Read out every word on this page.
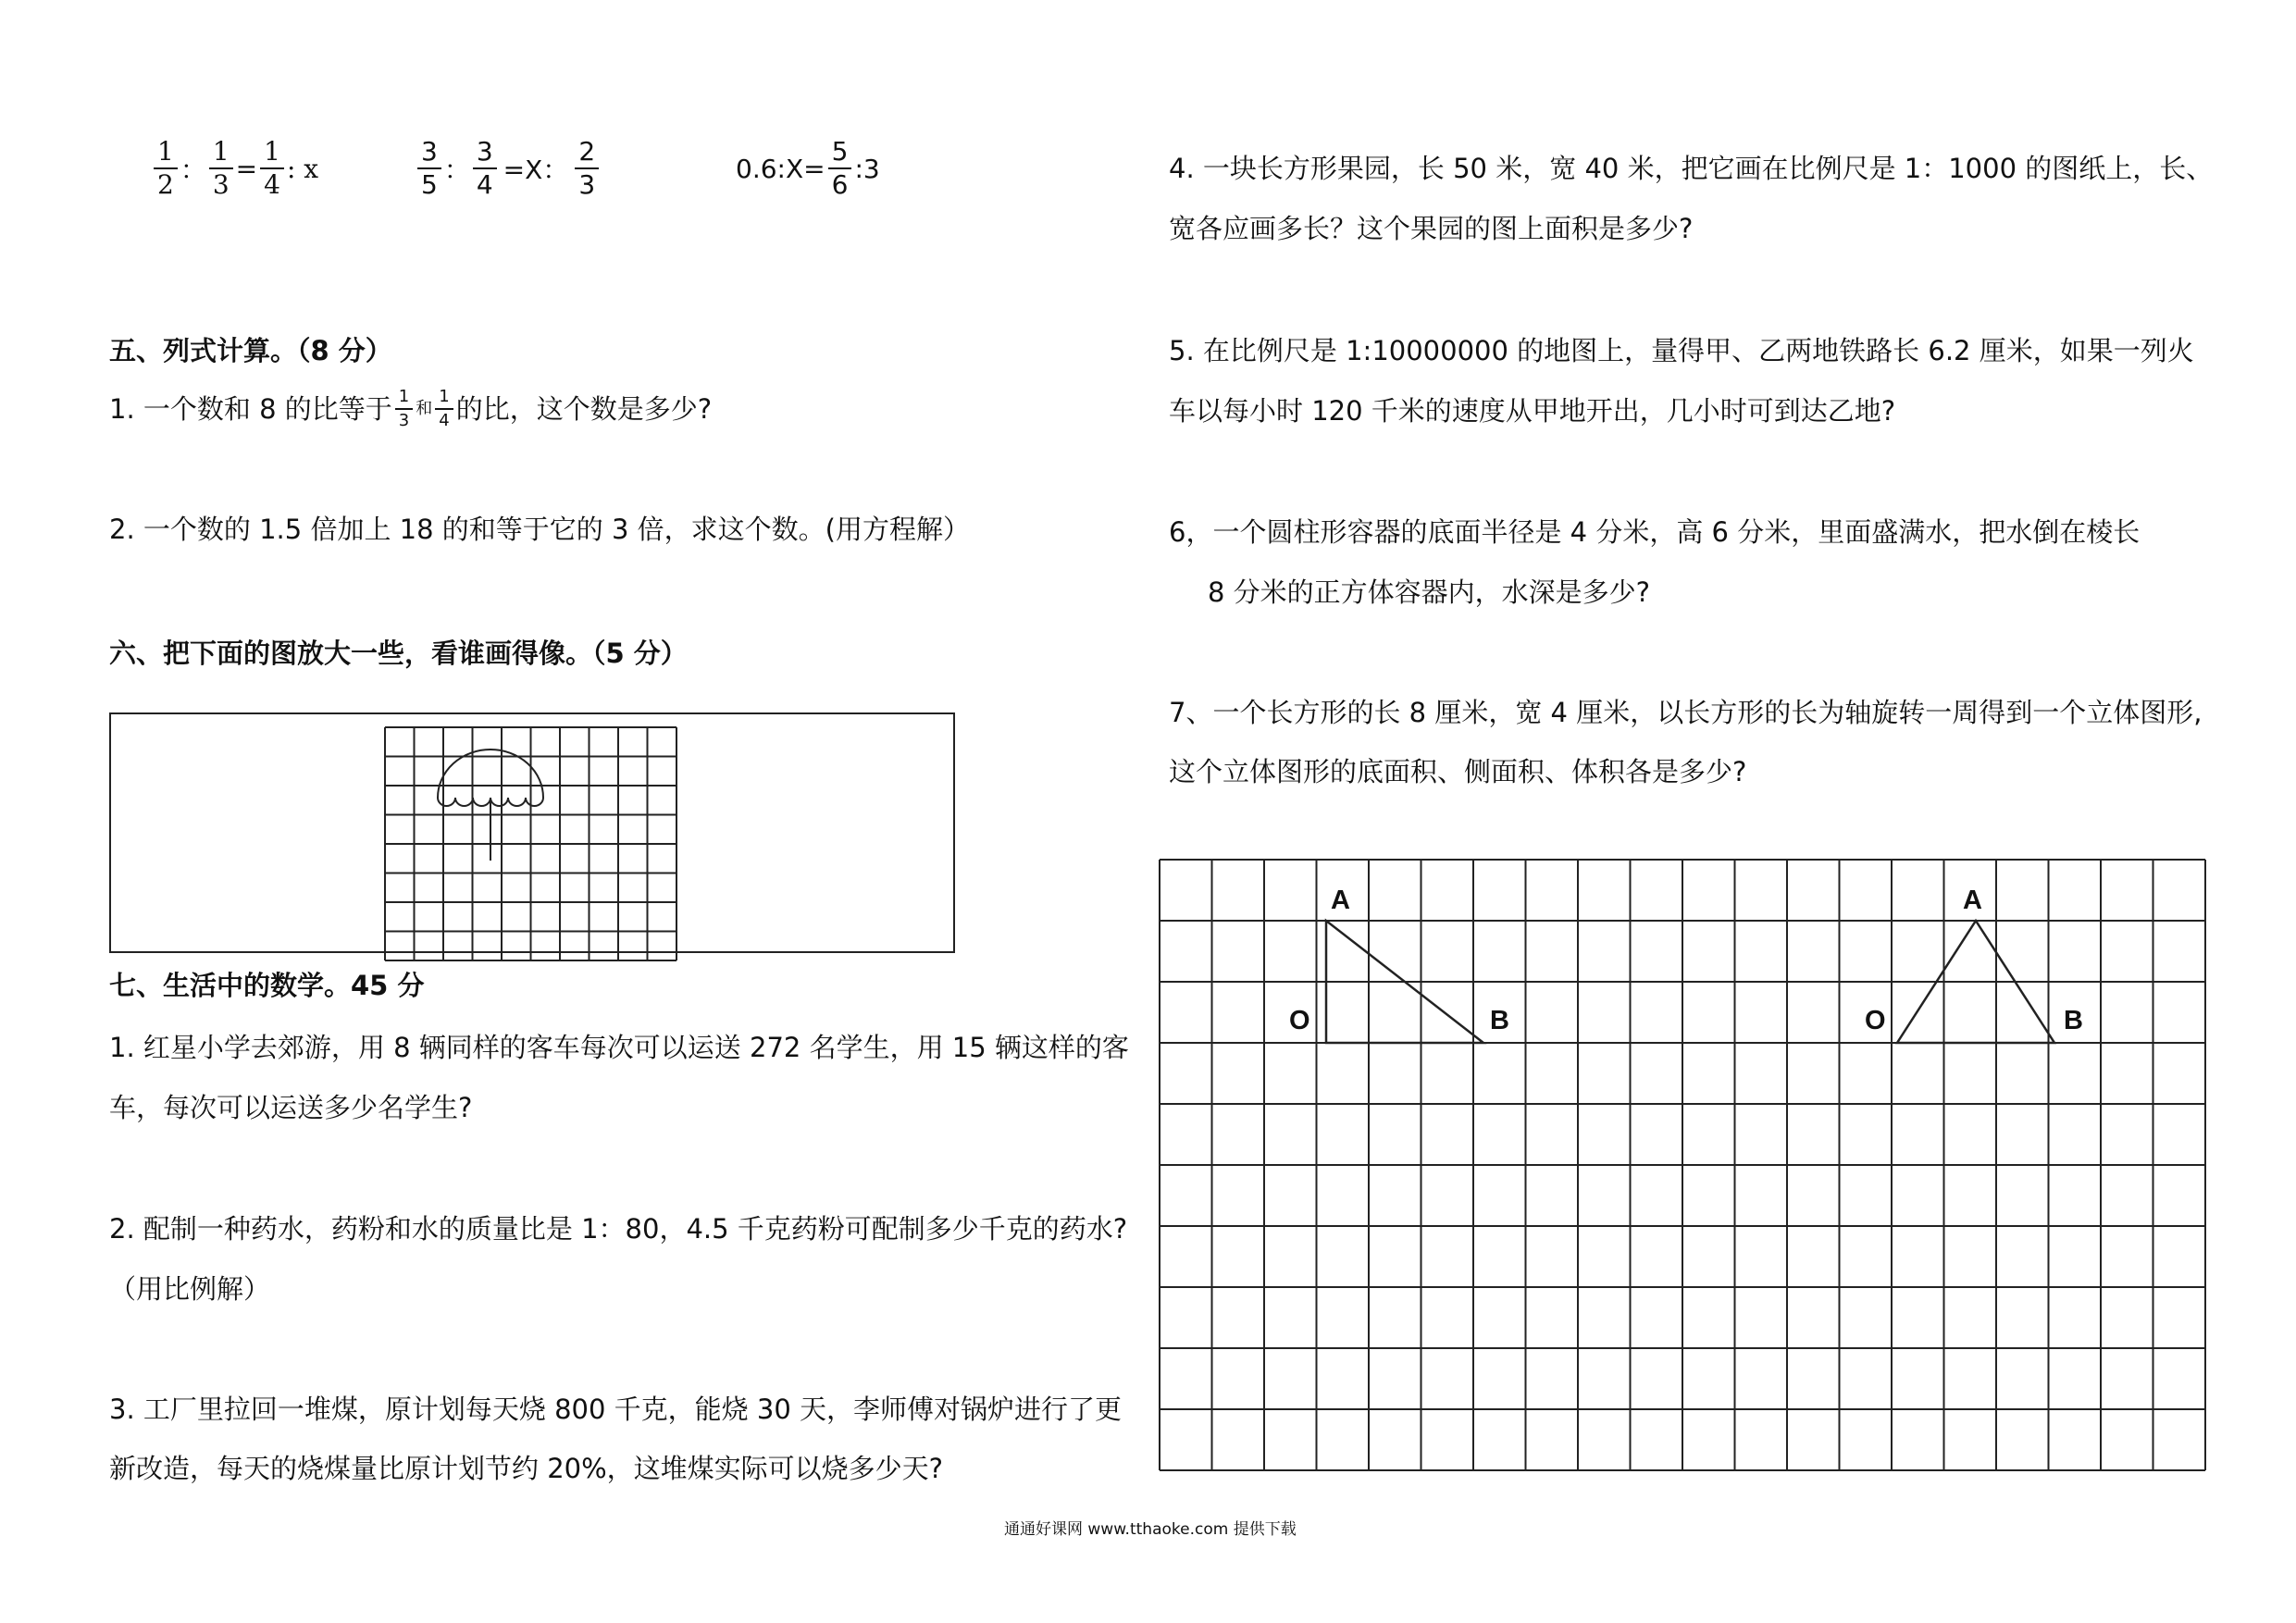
$\frac{1}{2}$ ： $\frac{1}{3} = \frac{1}{4}$ : x	$\frac{3}{5}$ ： $\frac{3}{4} =X$： $\frac{2}{3}$	0.6:X= $\frac{5}{6}$ :3
五、列式计算。（8 分）
1. 一个数和 8 的比等于 $\frac{1}{3}$ 和 $\frac{1}{4}$ 的比，这个数是多少?
2. 一个数的 1.5 倍加上 18 的和等于它的 3 倍，求这个数。(用方程解）
六、把下面的图放大一些，看谁画得像。（5 分）
七、生活中的数学。45 分
1. 红星小学去郊游，用 8 辆同样的客车每次可以运送 272 名学生，用 15 辆这样的客
车，每次可以运送多少名学生?
2. 配制一种药水，药粉和水的质量比是 1：80，4.5 千克药粉可配制多少千克的药水?
（用比例解）
3. 工厂里拉回一堆煤，原计划每天烧 800 千克，能烧 30 天，李师傅对锅炉进行了更
新改造，每天的烧煤量比原计划节约 20%，这堆煤实际可以烧多少天?
4. 一块长方形果园，长 50 米，宽 40 米，把它画在比例尺是 1：1000 的图纸上，长、
宽各应画多长？这个果园的图上面积是多少?
5. 在比例尺是 1:10000000 的地图上，量得甲、乙两地铁路长 6.2 厘米，如果一列火
车以每小时 120 千米的速度从甲地开出，几小时可到达乙地?
6，一个圆柱形容器的底面半径是 4 分米，高 6 分米，里面盛满水，把水倒在棱长
8 分米的正方体容器内，水深是多少?
7、一个长方形的长 8 厘米，宽 4 厘米，以长方形的长为轴旋转一周得到一个立体图形,
这个立体图形的底面积、侧面积、体积各是多少?
A
O	B
A
O	B
通通好课网 www.tthaoke.com 提供下载
